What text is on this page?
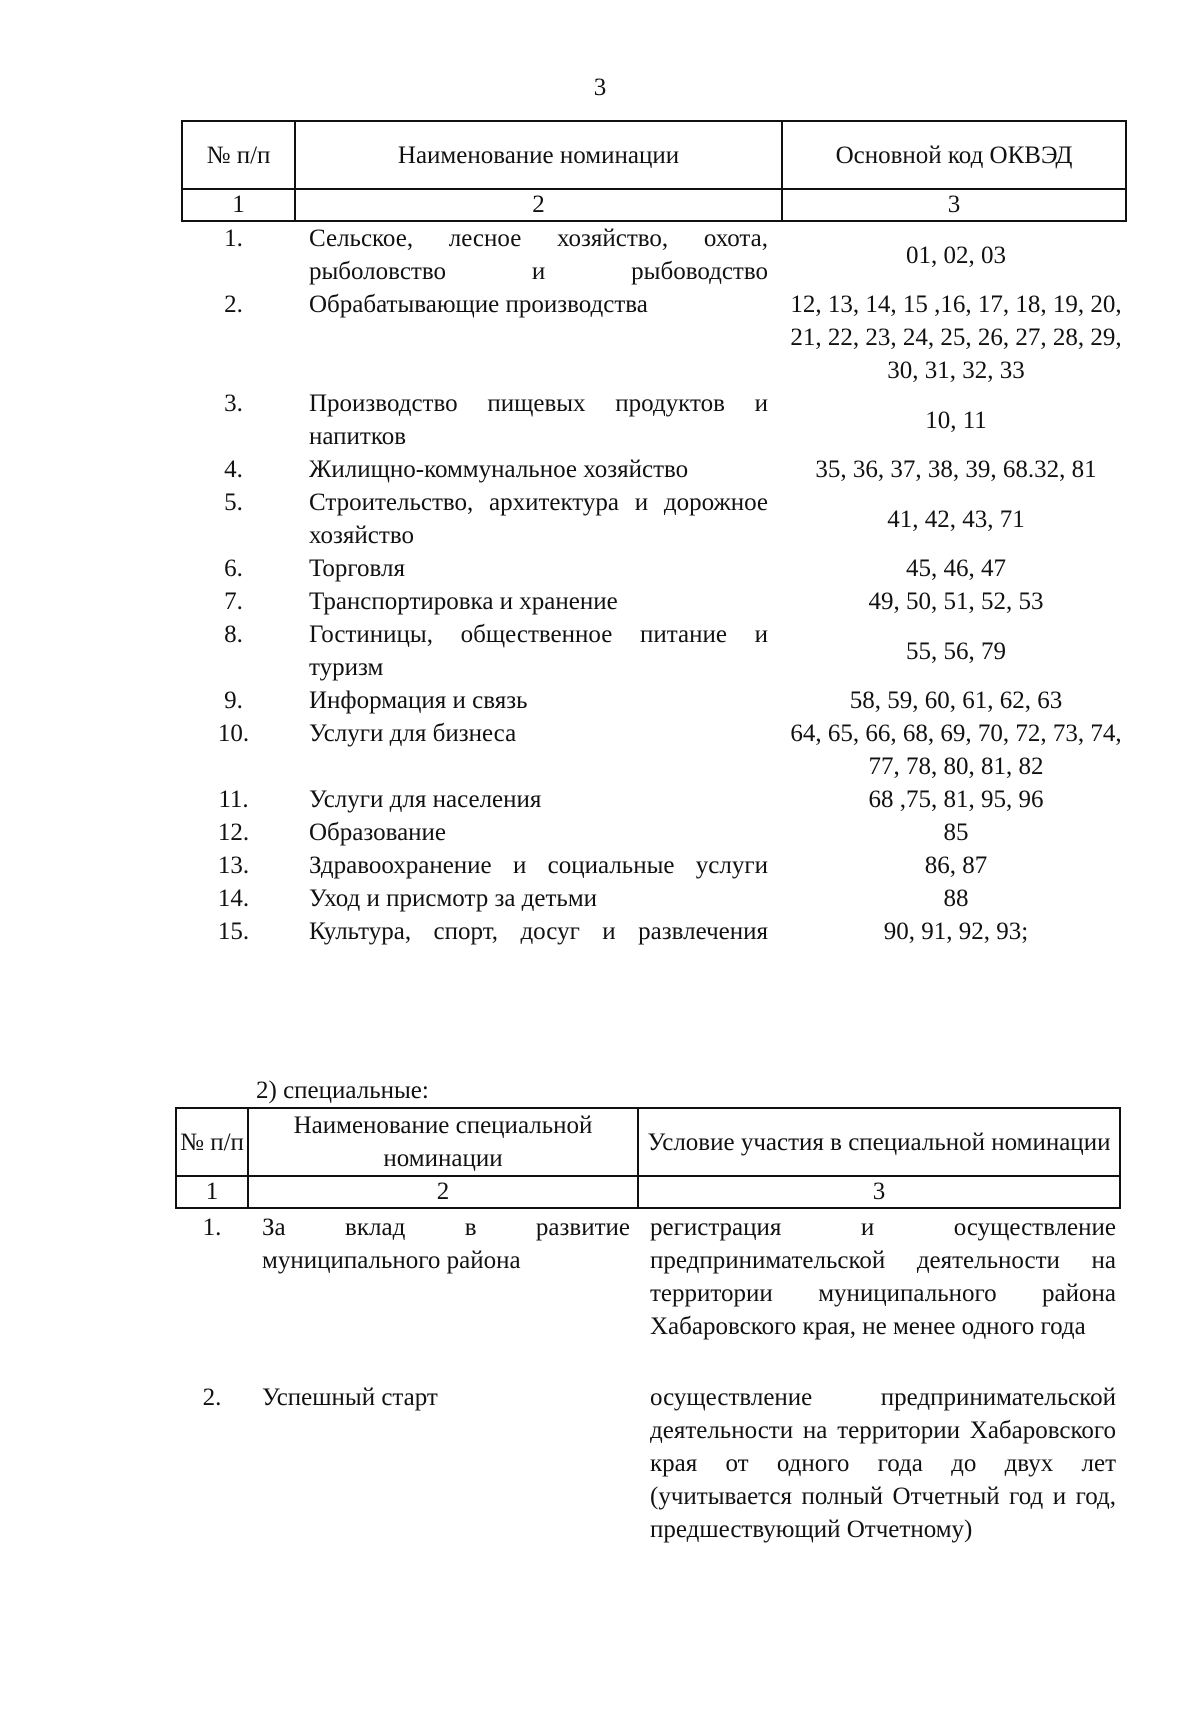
3
№ п/п	Наименование номинации	Основной код ОКВЭД
1	2	3
1.	Сельское, лесное хозяйство, охота, рыболовство и рыбоводство	01, 02, 03
2.	Обрабатывающие производства	12, 13, 14, 15 ,16, 17, 18, 19, 20, 21, 22, 23, 24, 25, 26, 27, 28, 29, 30, 31, 32, 33
3.	Производство пищевых продуктов и напитков	10, 11
4.	Жилищно-коммунальное хозяйство	35, 36, 37, 38, 39, 68.32, 81
5.	Строительство, архитектура и дорожное хозяйство	41, 42, 43, 71
6.	Торговля	45, 46, 47
7.	Транспортировка и хранение	49, 50, 51, 52, 53
8.	Гостиницы, общественное питание и туризм	55, 56, 79
9.	Информация и связь	58, 59, 60, 61, 62, 63
10.	Услуги для бизнеса	64, 65, 66, 68, 69, 70, 72, 73, 74, 77, 78, 80, 81, 82
11.	Услуги для населения	68 ,75, 81, 95, 96
12.	Образование	85
13.	Здравоохранение и социальные услуги	86, 87
14.	Уход и присмотр за детьми	88
15.	Культура, спорт, досуг и развлечения	90, 91, 92, 93;
2) специальные:
№ п/п	Наименование специальной номинации	Условие участия в специальной номинации
1	2	3
1.	За вклад в развитие муниципального района	регистрация и осуществление предпринимательской деятельности на территории муниципального района Хабаровского края, не менее одного года
2.	Успешный старт	осуществление предпринимательской деятельности на территории Хабаровского края от одного года до двух лет (учитывается полный Отчетный год и год, предшествующий Отчетному)
